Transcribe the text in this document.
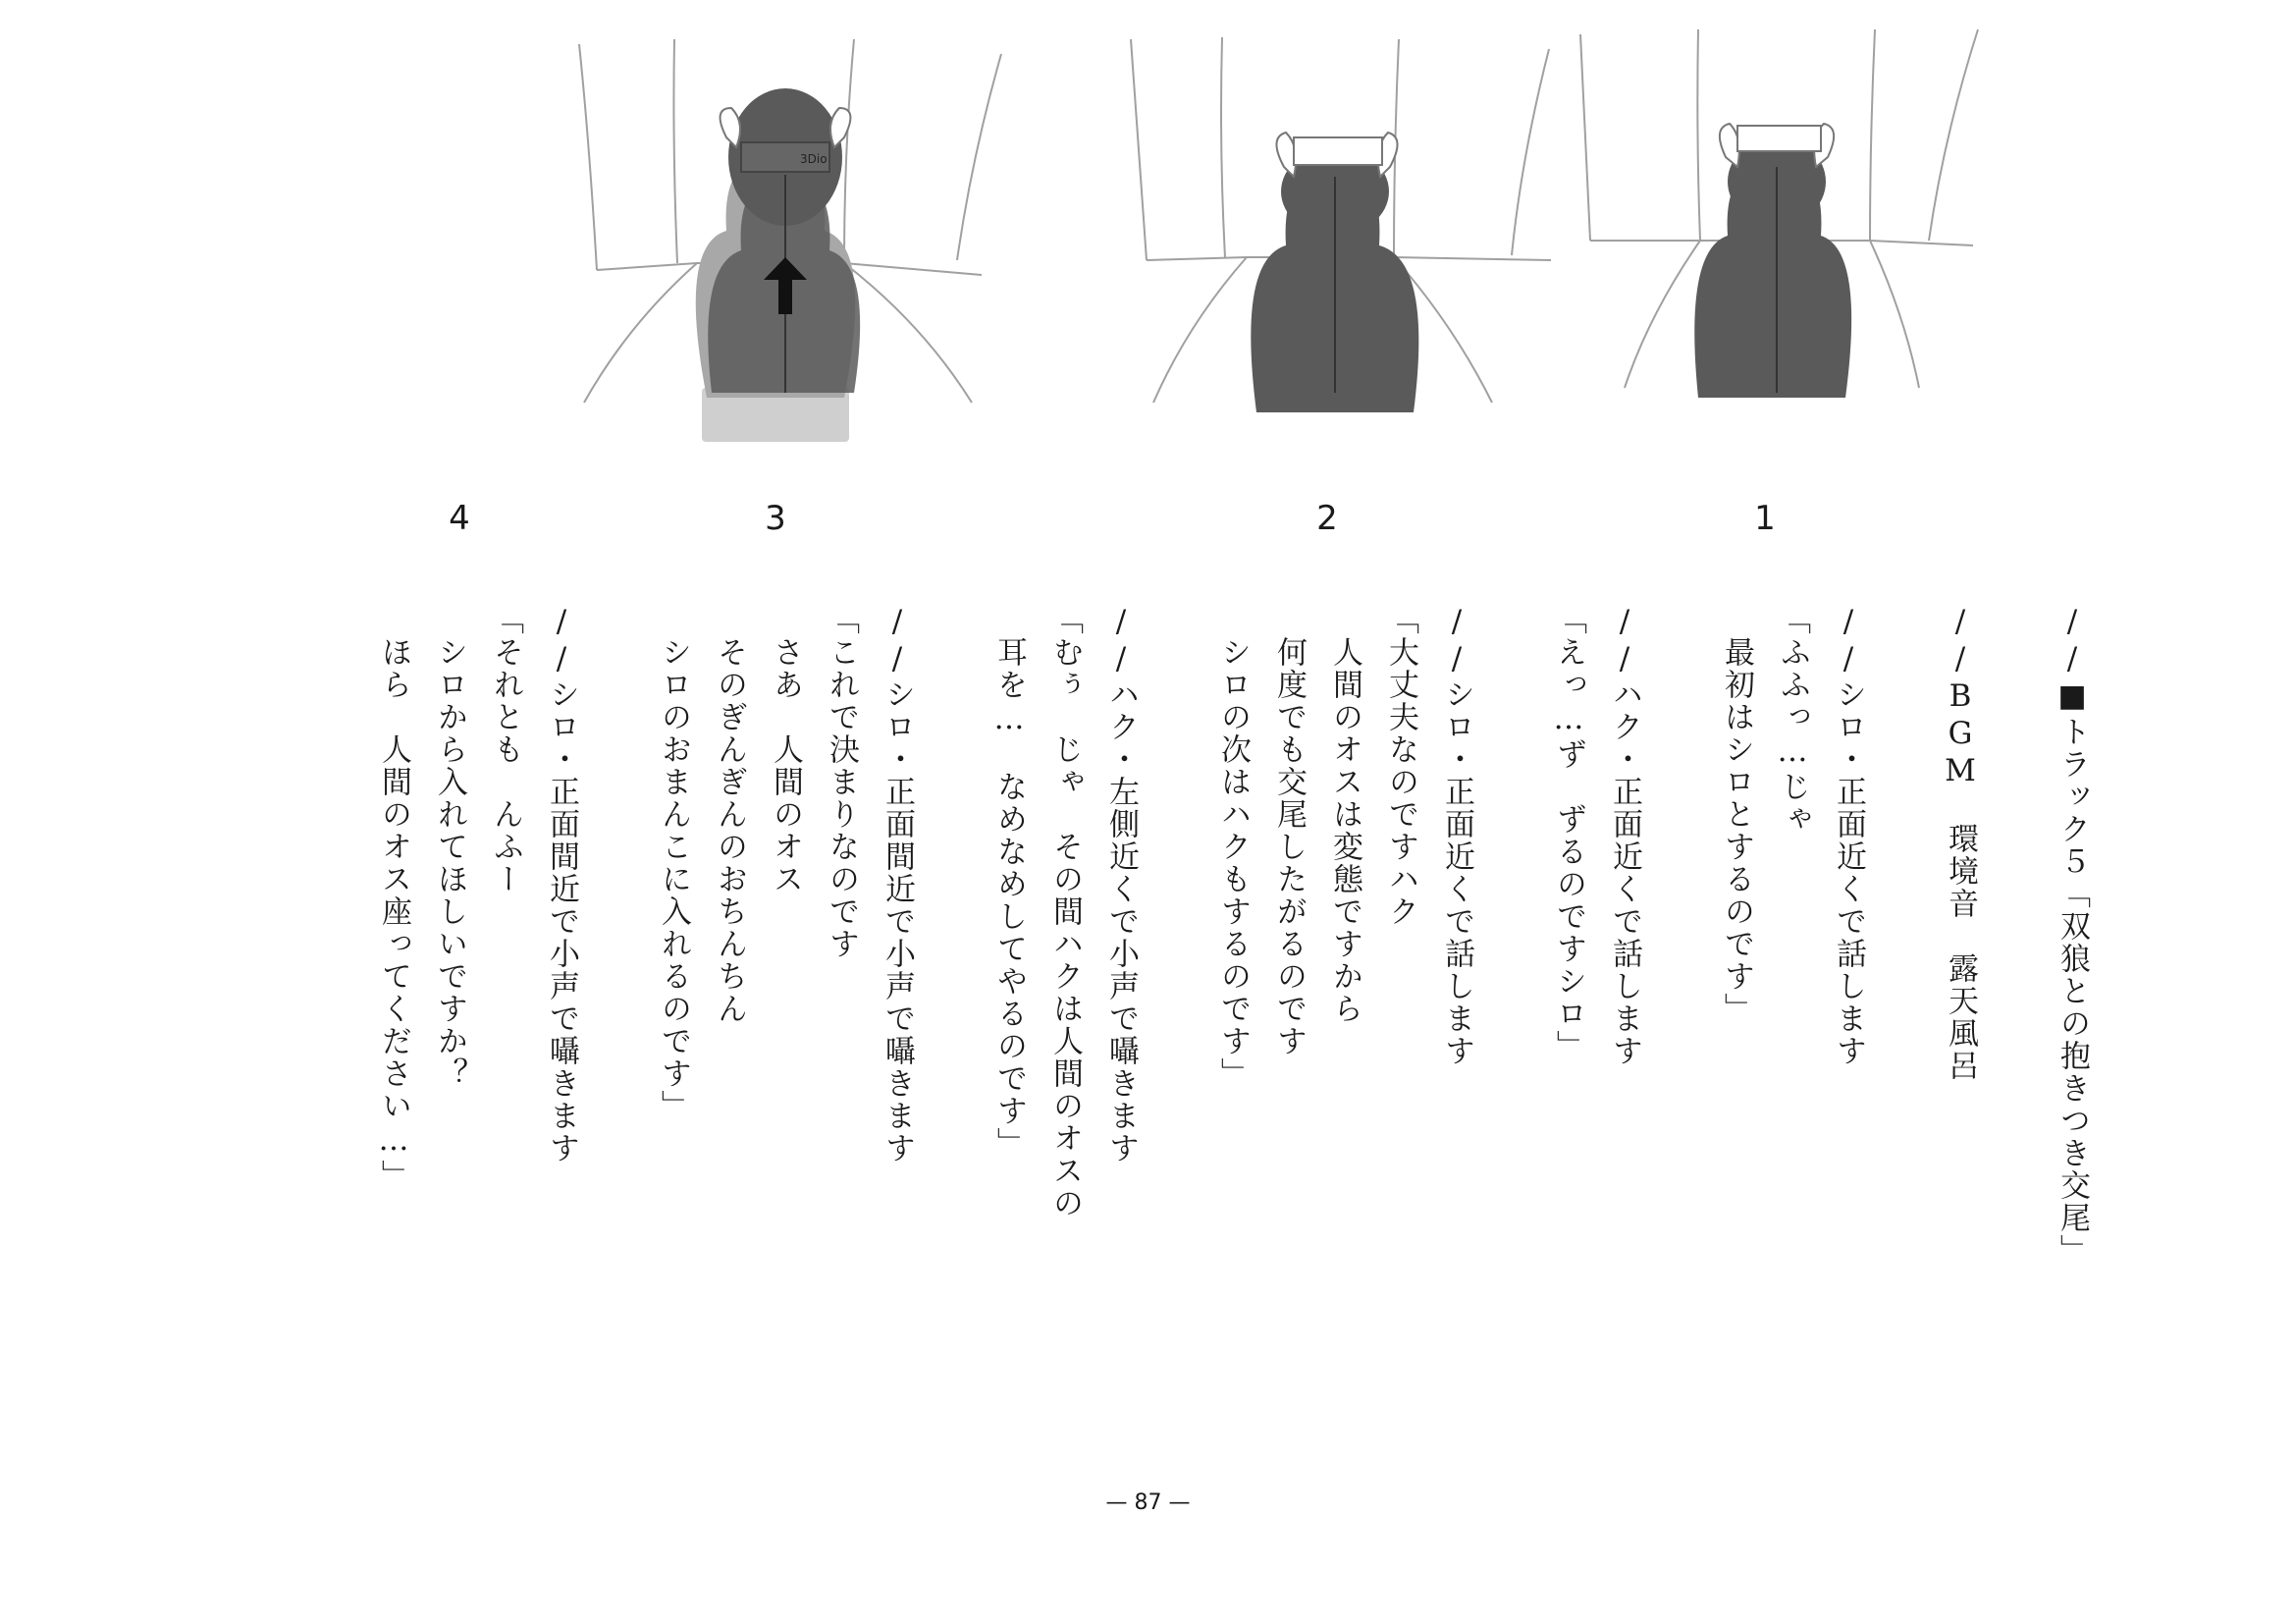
3Dio
4	3	2	1
//■トラック５「双狼との抱きつき交尾」

//BGM　環境音　露天風呂

//シロ・正面近くで話します
「ふふっ…じゃ
　最初はシロとするのです」

//ハク・正面近くで話します
「えっ…ず　ずるのですシロ」

//シロ・正面近くで話します
「大丈夫なのですハク
　人間のオスは変態ですから
　何度でも交尾したがるのです
　シロの次はハクもするのです」

//ハク・左側近くで小声で囁きます
「むぅ　じゃ　その間ハクは人間のオスの
　耳を…　なめなめしてやるのです」

//シロ・正面間近で小声で囁きます
「これで決まりなのです
　さあ　人間のオス
　そのぎんぎんのおちんちん
　シロのおまんこに入れるのです」

//シロ・正面間近で小声で囁きます
「それとも　んふー
　シロから入れてほしいですか？
　ほら　人間のオス座ってください…」
— 87 —
